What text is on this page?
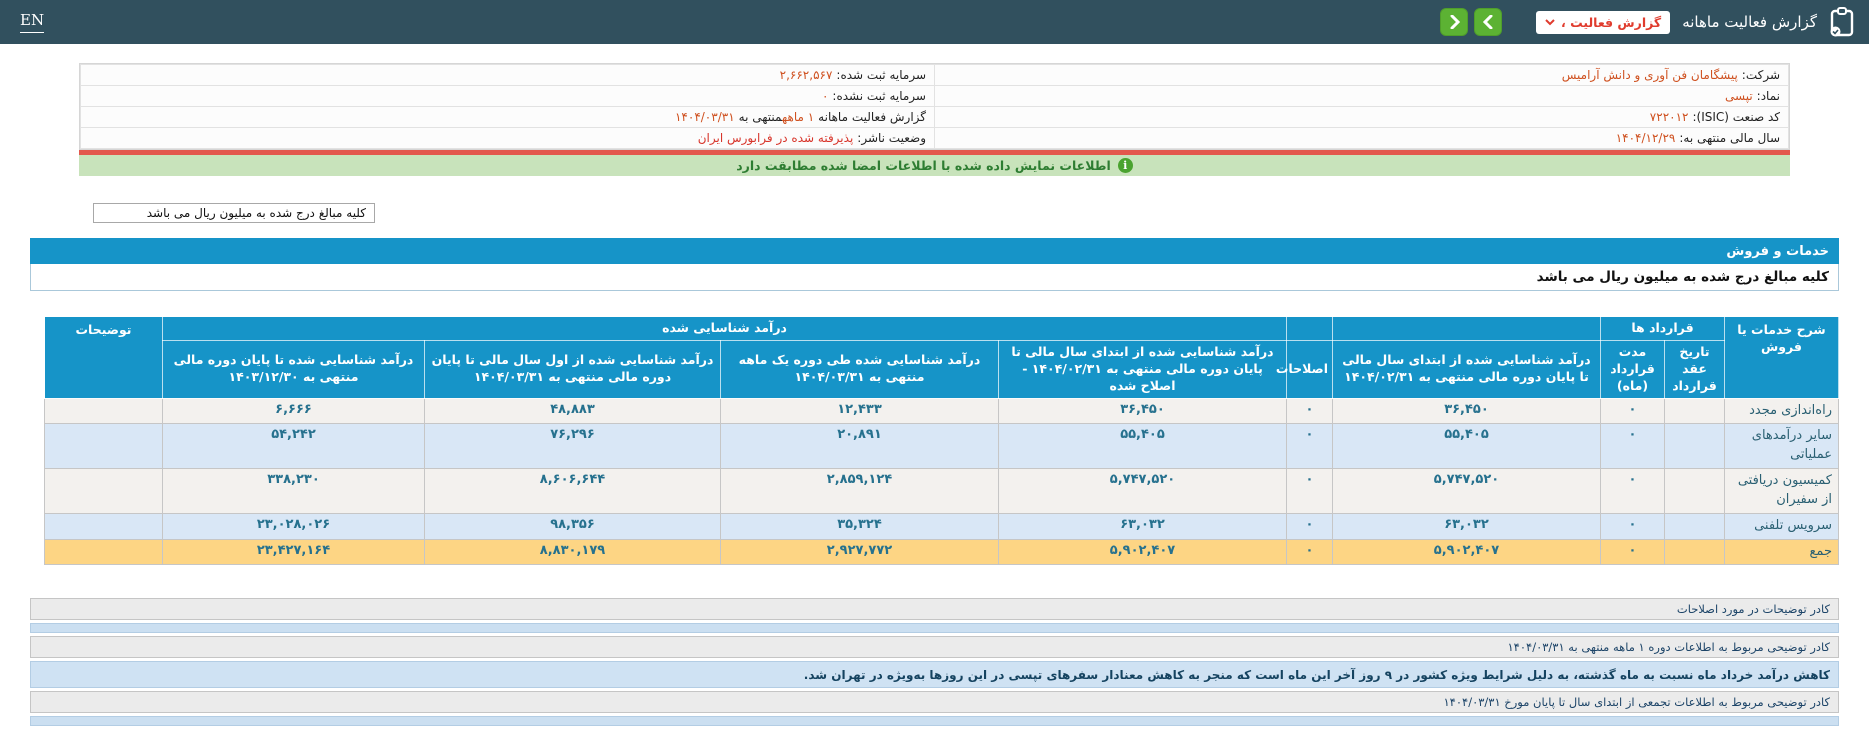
گزارش فعالیت ماهانه
گزارش فعالیت ،
EN
شرکت:پیشگامان فن آوری و دانش آرامیس	سرمایه ثبت شده:۲,۶۶۲,۵۶۷
نماد:تپسی	سرمایه ثبت نشده:۰
کد صنعت (ISIC):۷۲۲۰۱۲	گزارش فعالیت ماهانه۱ ماههمنتهی به۱۴۰۴/۰۳/۳۱
سال مالی منتهی به:۱۴۰۴/۱۲/۲۹	وضعیت ناشر:پذیرفته شده در فرابورس ایران
i
اطلاعات نمایش داده شده با اطلاعات امضا شده مطابقت دارد
کلیه مبالغ درج شده به میلیون ریال می باشد
خدمات و فروش
کلیه مبالغ درج شده به میلیون ریال می باشد
شرح خدمات یا فروش	قرارداد ها				درآمد شناسایی شده				توضیحات
	تاریخ عقد قرارداد	مدت قرارداد (ماه)	درآمد شناسایی شده از ابتدای سال مالی تا پایان دوره مالی منتهی به ۱۴۰۴/۰۲/۳۱	اصلاحات	درآمد شناسایی شده از ابتدای سال مالی تا پایان دوره مالی منتهی به ۱۴۰۴/۰۲/۳۱ - اصلاح شده	درآمد شناسایی شده طی دوره یک ماهه منتهی به ۱۴۰۴/۰۳/۳۱	درآمد شناسایی شده از اول سال مالی تا پایان دوره مالی منتهی به ۱۴۰۴/۰۳/۳۱	درآمد شناسایی شده تا پایان دوره مالی منتهی به ۱۴۰۳/۱۲/۳۰	
راه‌اندازی مجدد		۰	۳۶,۴۵۰	۰	۳۶,۴۵۰	۱۲,۴۳۳	۴۸,۸۸۳	۶,۶۶۶	
سایر درآمدهای عملیاتی		۰	۵۵,۴۰۵	۰	۵۵,۴۰۵	۲۰,۸۹۱	۷۶,۲۹۶	۵۴,۲۴۲	
کمیسیون دریافتی از سفیران		۰	۵,۷۴۷,۵۲۰	۰	۵,۷۴۷,۵۲۰	۲,۸۵۹,۱۲۴	۸,۶۰۶,۶۴۴	۳۳۸,۲۳۰	
سرویس تلفنی		۰	۶۳,۰۳۲	۰	۶۳,۰۳۲	۳۵,۳۲۴	۹۸,۳۵۶	۲۳,۰۲۸,۰۲۶	
جمع		۰	۵,۹۰۲,۴۰۷	۰	۵,۹۰۲,۴۰۷	۲,۹۲۷,۷۷۲	۸,۸۳۰,۱۷۹	۲۳,۴۲۷,۱۶۴	
کادر توضیحات در مورد اصلاحات
کادر توضیحی مربوط به اطلاعات دوره ۱ ماهه منتهی به ۱۴۰۴/۰۳/۳۱
کاهش درآمد خرداد ماه نسبت به ماه گذشته، به دلیل شرایط ویژه کشور در ۹ روز آخر این ماه است که منجر به کاهش معنادار سفرهای تپسی در این روزها به‌ویژه در تهران شد.
کادر توضیحی مربوط به اطلاعات تجمعی از ابتدای سال تا پایان مورخ ۱۴۰۴/۰۳/۳۱
